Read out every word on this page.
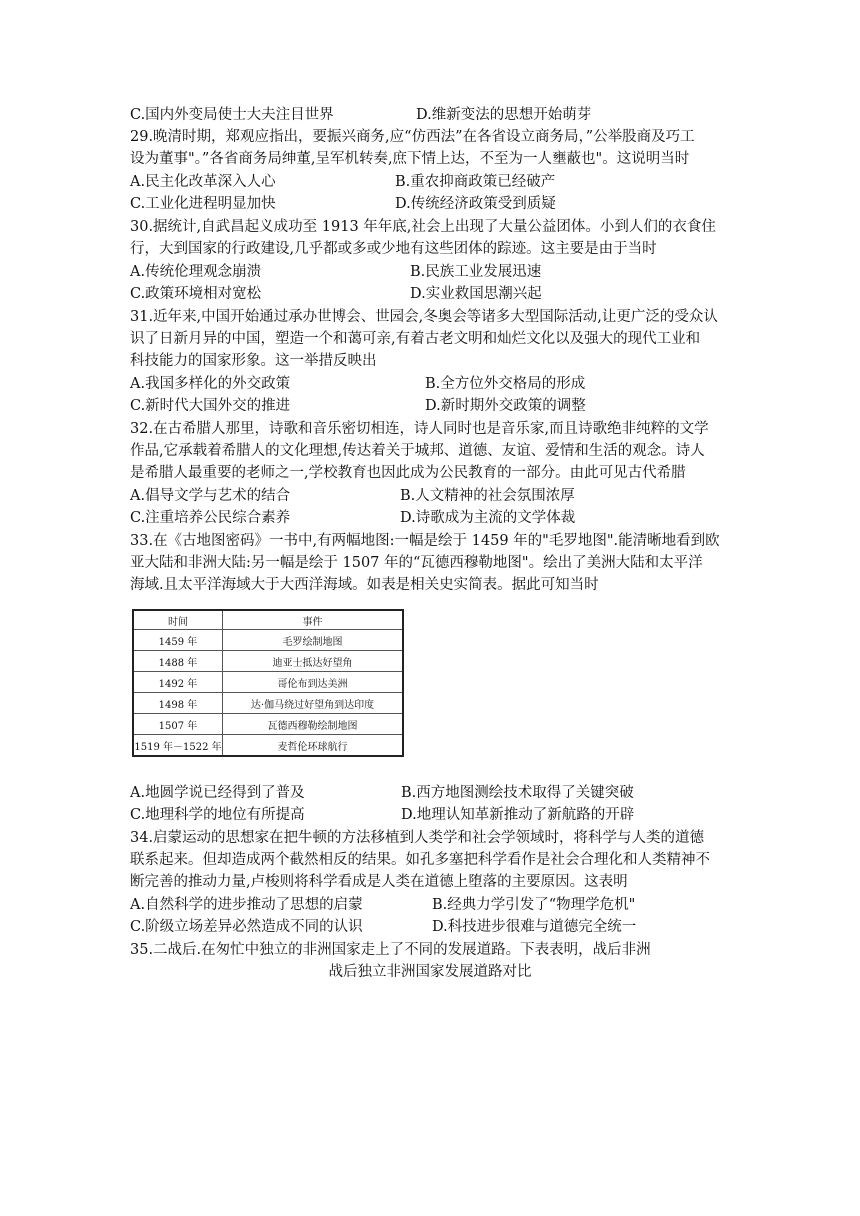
C.国内外变局使士大夫注目世界	D.维新变法的思想开始萌芽
29.晚清时期，郑观应指出，要振兴商务,应“仿西法”在各省设立商务局，”公举股商及巧工
设为董事"。”各省商务局绅董,呈军机转奏,庶下情上达，不至为一人壅蔽也"。这说明当时
A.民主化改革深入人心	B.重农抑商政策已经破产
C.工业化进程明显加快	D.传统经济政策受到质疑
30.据统计,自武昌起义成功至 1913 年年底,社会上出现了大量公益团体。小到人们的衣食住
行，大到国家的行政建设,几乎都或多或少地有这些团体的踪迹。这主要是由于当时
A.传统伦理观念崩溃	B.民族工业发展迅速
C.政策环境相对宽松	D.实业救国思潮兴起
31.近年来,中国开始通过承办世博会、世园会,冬奥会等诸多大型国际活动,让更广泛的受众认
识了日新月异的中国，塑造一个和蔼可亲,有着古老文明和灿烂文化以及强大的现代工业和
科技能力的国家形象。这一举措反映出
A.我国多样化的外交政策	B.全方位外交格局的形成
C.新时代大国外交的推进	D.新时期外交政策的调整
32.在古希腊人那里，诗歌和音乐密切相连，诗人同时也是音乐家,而且诗歌绝非纯粹的文学
作品,它承载着希腊人的文化理想,传达着关于城邦、道德、友谊、爱情和生活的观念。诗人
是希腊人最重要的老师之一,学校教育也因此成为公民教育的一部分。由此可见古代希腊
A.倡导文学与艺术的结合	B.人文精神的社会氛围浓厚
C.注重培养公民综合素养	D.诗歌成为主流的文学体裁
33.在《古地图密码》一书中,有两幅地图:一幅是绘于 1459 年的"毛罗地图".能清晰地看到欧
亚大陆和非洲大陆:另一幅是绘于 1507 年的“瓦德西穆勒地图"。绘出了美洲大陆和太平洋
海域.且太平洋海域大于大西洋海域。如表是相关史实简表。据此可知当时
时间	事件
1459 年	毛罗绘制地图
1488 年	迪亚士抵达好望角
1492 年	哥伦布到达美洲
1498 年	达·伽马绕过好望角到达印度
1507 年	瓦德西穆勒绘制地图
1519 年－1522 年	麦哲伦环球航行
A.地圆学说已经得到了普及	B.西方地图测绘技术取得了关键突破
C.地理科学的地位有所提高	D.地理认知革新推动了新航路的开辟
34.启蒙运动的思想家在把牛顿的方法移植到人类学和社会学领域时，将科学与人类的道德
联系起来。但却造成两个截然相反的结果。如孔多塞把科学看作是社会合理化和人类精神不
断完善的推动力量,卢梭则将科学看成是人类在道德上堕落的主要原因。这表明
A.自然科学的进步推动了思想的启蒙	B.经典力学引发了“物理学危机"
C.阶级立场差异必然造成不同的认识	D.科技进步很难与道德完全统一
35.二战后.在匆忙中独立的非洲国家走上了不同的发展道路。下表表明，战后非洲
战后独立非洲国家发展道路对比
